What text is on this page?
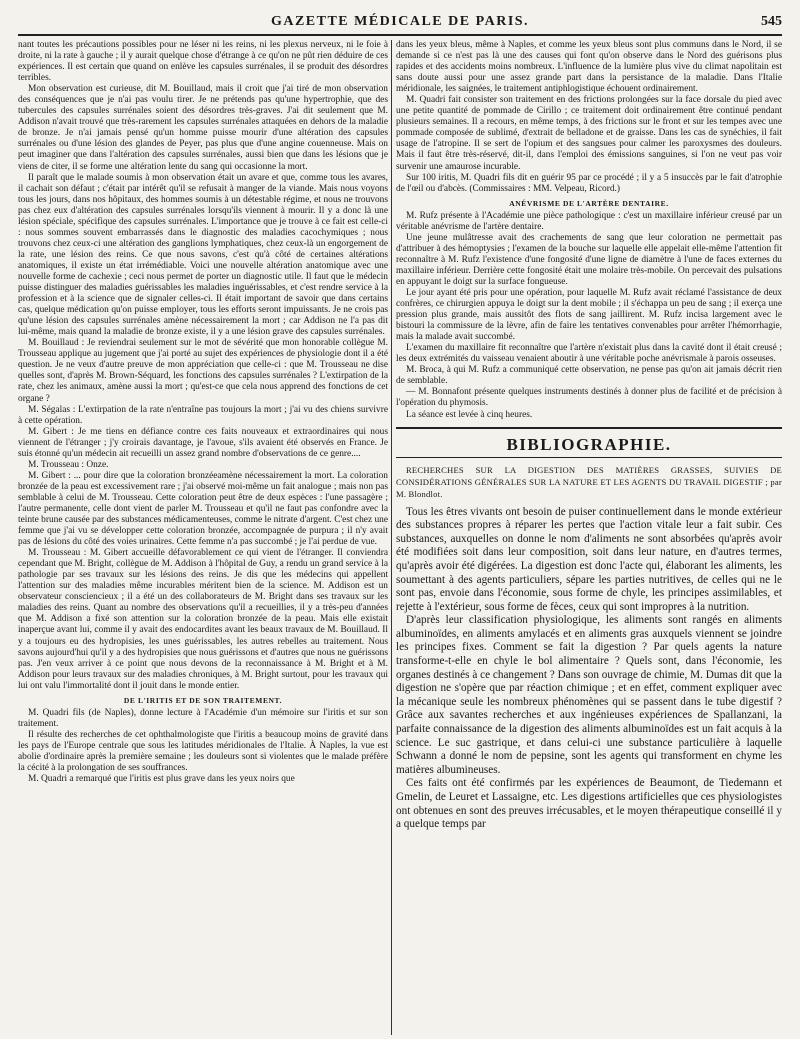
GAZETTE MÉDICALE DE PARIS.	545

nant toutes les précautions possibles pour ne léser ni les reins, ni les plexus nerveux, ni le foie à droite, ni la rate à gauche ; il y aurait quelque chose d'étrange à ce qu'on ne pût rien déduire de ces expériences. Il est certain que quand on enlève les capsules surrénales, il se produit des désordres terribles.

Mon observation est curieuse, dit M. Bouillaud, mais il croit que j'ai tiré de mon observation des conséquences que je n'ai pas voulu tirer. Je ne prétends pas qu'une hypertrophie, que des tubercules des capsules surrénales soient des désordres très-graves. J'ai dit seulement que M. Addison n'avait trouvé que très-rarement les capsules surrénales attaquées en dehors de la maladie de bronze. Je n'ai jamais pensé qu'un homme puisse mourir d'une altération des capsules surrénales ou d'une lésion des glandes de Peyer, pas plus que d'une angine couenneuse. Mais on peut imaginer que dans l'altération des capsules surrénales, aussi bien que dans les lésions que je viens de citer, il se forme une altération lente du sang qui occasionne la mort.

Il paraît que le malade soumis à mon observation était un avare et que, comme tous les avares, il cachait son défaut ; c'était par intérêt qu'il se refusait à manger de la viande. Mais nous voyons tous les jours, dans nos hôpitaux, des hommes soumis à un détestable régime, et nous ne trouvons pas chez eux d'altération des capsules surrénales lorsqu'ils viennent à mourir. Il y a donc là une lésion spéciale, spécifique des capsules surrénales. L'importance que je trouve à ce fait est celle-ci : nous sommes souvent embarrassés dans le diagnostic des maladies cacochymiques ; nous trouvons chez ceux-ci une altération des ganglions lymphatiques, chez ceux-là un engorgement de la rate, une lésion des reins. Ce que nous savons, c'est qu'à côté de certaines altérations anatomiques, il existe un état irrémédiable. Voici une nouvelle altération anatomique avec une nouvelle forme de cachexie ; ceci nous permet de porter un diagnostic utile. Il faut que le médecin puisse distinguer des maladies guérissables les maladies inguérissables, et c'est rendre service à la profession et à la science que de signaler celles-ci. Il était important de savoir que dans certains cas, quelque médication qu'on puisse employer, tous les efforts seront impuissants. Je ne crois pas qu'une lésion des capsules surrénales amène nécessairement la mort ; car Addison ne l'a pas dit lui-même, mais quand la maladie de bronze existe, il y a une lésion grave des capsules surrénales.

M. Bouillaud : Je reviendrai seulement sur le mot de sévérité que mon honorable collègue M. Trousseau applique au jugement que j'ai porté au sujet des expériences de physiologie dont il a été question. Je ne veux d'autre preuve de mon appréciation que celle-ci : que M. Trousseau ne dise quelles sont, d'après M. Brown-Séquard, les fonctions des capsules surrénales ? L'extirpation de la rate, chez les animaux, amène aussi la mort ; qu'est-ce que cela nous apprend des fonctions de cet organe ?

M. Ségalas : L'extirpation de la rate n'entraîne pas toujours la mort ; j'ai vu des chiens survivre à cette opération.

M. Gibert : Je me tiens en défiance contre ces faits nouveaux et extraordinaires qui nous viennent de l'étranger ; j'y croirais davantage, je l'avoue, s'ils avaient été observés en France. Je suis étonné qu'un médecin ait recueilli un assez grand nombre d'observations de ce genre....

M. Trousseau : Onze.

M. Gibert : ... pour dire que la coloration bronzéeamène nécessairement la mort. La coloration bronzée de la peau est excessivement rare ; j'ai observé moi-même un fait analogue ; mais non pas semblable à celui de M. Trousseau. Cette coloration peut être de deux espèces : l'une passagère ; l'autre permanente, celle dont vient de parler M. Trousseau et qu'il ne faut pas confondre avec la teinte brune causée par des substances médicamenteuses, comme le nitrate d'argent. C'est chez une femme que j'ai vu se développer cette coloration bronzée, accompagnée de purpura ; il n'y avait pas de lésions du côté des voies urinaires. Cette femme n'a pas succombé ; je l'ai perdue de vue.

M. Trousseau : M. Gibert accueille défavorablement ce qui vient de l'étranger. Il conviendra cependant que M. Bright, collègue de M. Addison à l'hôpital de Guy, a rendu un grand service à la pathologie par ses travaux sur les lésions des reins. Je dis que les médecins qui appellent l'attention sur des maladies même incurables méritent bien de la science. M. Addison est un observateur consciencieux ; il a été un des collaborateurs de M. Bright dans ses travaux sur les maladies des reins. Quant au nombre des observations qu'il a recueillies, il y a très-peu d'années que M. Addison a fixé son attention sur la coloration bronzée de la peau. Mais elle existait inaperçue avant lui, comme il y avait des endocardites avant les beaux travaux de M. Bouillaud. Il y a toujours eu des hydropisies, les unes guérissables, les autres rebelles au traitement. Nous savons aujourd'hui qu'il y a des hydropisies que nous guérissons et d'autres que nous ne guérissons pas. J'en veux arriver à ce point que nous devons de la reconnaissance à M. Bright et à M. Addison pour leurs travaux sur des maladies chroniques, à M. Bright surtout, pour les travaux qui lui ont valu l'immortalité dont il jouit dans le monde entier.

DE L'IRITIS ET DE SON TRAITEMENT.

M. Quadri fils (de Naples), donne lecture à l'Académie d'un mémoire sur l'iritis et sur son traitement.

Il résulte des recherches de cet ophthalmologiste que l'iritis a beaucoup moins de gravité dans les pays de l'Europe centrale que sous les latitudes méridionales de l'Italie. À Naples, la vue est abolie d'ordinaire après la première semaine ; les douleurs sont si violentes que le malade préfère la cécité à la prolongation de ses souffrances.

M. Quadri a remarqué que l'iritis est plus grave dans les yeux noirs que

dans les yeux bleus, même à Naples, et comme les yeux bleus sont plus communs dans le Nord, il se demande si ce n'est pas là une des causes qui font qu'on observe dans le Nord des guérisons plus rapides et des accidents moins nombreux. L'influence de la lumière plus vive du climat napolitain est sans doute aussi pour une assez grande part dans la persistance de la maladie. Dans l'Italie méridionale, les saignées, le traitement antiphlogistique échouent ordinairement.

M. Quadri fait consister son traitement en des frictions prolongées sur la face dorsale du pied avec une petite quantité de pommade de Cirillo ; ce traitement doit ordinairement être continué pendant plusieurs semaines. Il a recours, en même temps, à des frictions sur le front et sur les tempes avec une pommade composée de sublimé, d'extrait de belladone et de graisse. Dans les cas de synéchies, il fait usage de l'atropine. Il se sert de l'opium et des sangsues pour calmer les paroxysmes des douleurs. Mais il faut être très-réservé, dit-il, dans l'emploi des émissions sanguines, si l'on ne veut pas voir survenir une amaurose incurable.

Sur 100 iritis, M. Quadri fils dit en guérir 95 par ce procédé ; il y a 5 insuccès par le fait d'atrophie de l'œil ou d'abcès. (Commissaires : MM. Velpeau, Ricord.)

ANÉVRISME DE L'ARTÈRE DENTAIRE.

M. Rufz présente à l'Académie une pièce pathologique : c'est un maxillaire inférieur creusé par un véritable anévrisme de l'artère dentaire.

Une jeune mulâtresse avait des crachements de sang que leur coloration ne permettait pas d'attribuer à des hémoptysies ; l'examen de la bouche sur laquelle elle appelait elle-même l'attention fit reconnaître à M. Rufz l'existence d'une fongosité d'une ligne de diamètre à l'une de faces externes du maxillaire inférieur. Derrière cette fongosité était une molaire très-mobile. On percevait des pulsations en appuyant le doigt sur la surface fongueuse.

Le jour ayant été pris pour une opération, pour laquelle M. Rufz avait réclamé l'assistance de deux confrères, ce chirurgien appuya le doigt sur la dent mobile ; il s'échappa un peu de sang ; il exerça une pression plus grande, mais aussitôt des flots de sang jaillirent. M. Rufz incisa largement avec le bistouri la commissure de la lèvre, afin de faire les tentatives convenables pour arrêter l'hémorrhagie, mais la malade avait succombé.

L'examen du maxillaire fit reconnaître que l'artère n'existait plus dans la cavité dont il était creusé ; les deux extrémités du vaisseau venaient aboutir à une véritable poche anévrismale à parois osseuses.

M. Broca, à qui M. Rufz a communiqué cette observation, ne pense pas qu'on ait jamais décrit rien de semblable.

— M. Bonnafont présente quelques instruments destinés à donner plus de facilité et de précision à l'opération du phymosis.

La séance est levée à cinq heures.

BIBLIOGRAPHIE.
RECHERCHES SUR LA DIGESTION DES MATIÈRES GRASSES, SUIVIES DE CONSIDÉRATIONS GÉNÉRALES SUR LA NATURE ET LES AGENTS DU TRAVAIL DIGESTIF ; par M. Blondlot.

Tous les êtres vivants ont besoin de puiser continuellement dans le monde extérieur des substances propres à réparer les pertes que l'action vitale leur a fait subir. Ces substances, auxquelles on donne le nom d'aliments ne sont absorbées qu'après avoir été modifiées soit dans leur composition, soit dans leur nature, en d'autres termes, qu'après avoir été digérées. La digestion est donc l'acte qui, élaborant les aliments, les soumettant à des agents particuliers, sépare les parties nutritives, de celles qui ne le sont pas, envoie dans l'économie, sous forme de chyle, les principes assimilables, et rejette à l'extérieur, sous forme de fèces, ceux qui sont impropres à la nutrition.

D'après leur classification physiologique, les aliments sont rangés en aliments albuminoïdes, en aliments amylacés et en aliments gras auxquels viennent se joindre les principes fixes. Comment se fait la digestion ? Par quels agents la nature transforme-t-elle en chyle le bol alimentaire ? Quels sont, dans l'économie, les organes destinés à ce changement ? Dans son ouvrage de chimie, M. Dumas dit que la digestion ne s'opère que par réaction chimique ; et en effet, comment expliquer avec la mécanique seule les nombreux phénomènes qui se passent dans le tube digestif ? Grâce aux savantes recherches et aux ingénieuses expériences de Spallanzani, la parfaite connaissance de la digestion des aliments albuminoïdes est un fait acquis à la science. Le suc gastrique, et dans celui-ci une substance particulière à laquelle Schwann a donné le nom de pepsine, sont les agents qui transforment en chyme les matières albumineuses.

Ces faits ont été confirmés par les expériences de Beaumont, de Tiedemann et Gmelin, de Leuret et Lassaigne, etc. Les digestions artificielles que ces physiologistes ont obtenues en sont des preuves irrécusables, et le moyen thérapeutique conseillé il y a quelque temps par
